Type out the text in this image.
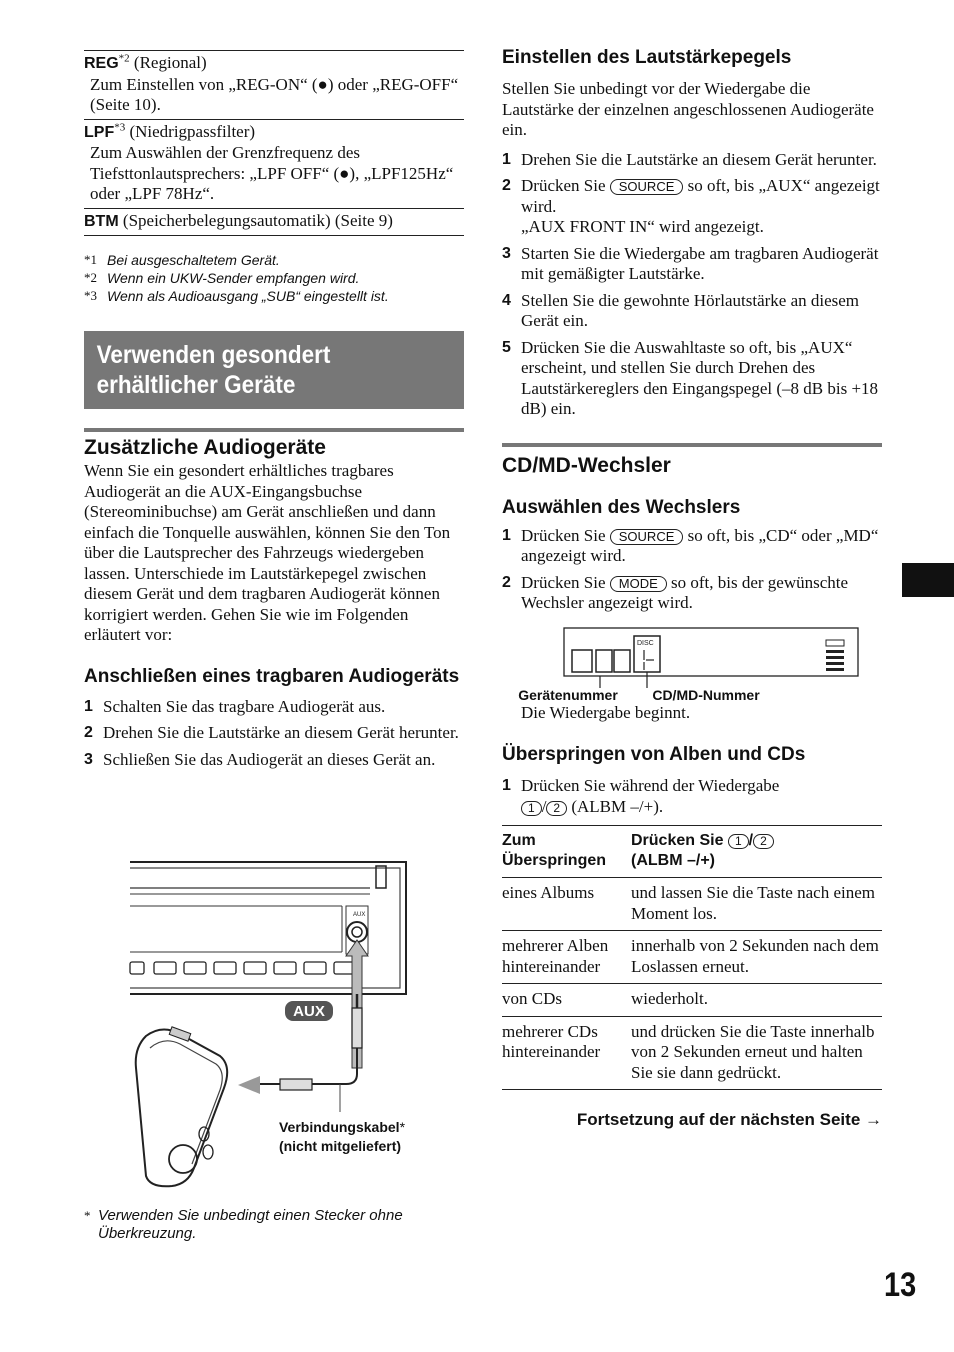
REG$^{*2}$ (Regional)
Zum Einstellen von „REG-ON“ (●) oder „REG-OFF“ (Seite 10).
LPF$^{*3}$ (Niedrigpassfilter)
Zum Auswählen der Grenzfrequenz des Tiefsttonlautsprechers: „LPF OFF“ (●), „LPF125Hz“ oder „LPF 78Hz“.
BTM (Speicherbelegungsautomatik) (Seite 9)
*1 Bei ausgeschaltetem Gerät.
*2 Wenn ein UKW-Sender empfangen wird.
*3 Wenn als Audioausgang „SUB“ eingestellt ist.
Verwenden gesondert
erhältlicher Geräte
Zusätzliche Audiogeräte

Wenn Sie ein gesondert erhältliches tragbares Audiogerät an die AUX-Eingangsbuchse (Stereominibuchse) am Gerät anschließen und dann einfach die Tonquelle auswählen, können Sie den Ton über die Lautsprecher des Fahrzeugs wiedergeben lassen. Unterschiede im Lautstärkepegel zwischen diesem Gerät und dem tragbaren Audiogerät können korrigiert werden. Gehen Sie wie im Folgenden erläutert vor:

Anschließen eines tragbaren Audiogeräts
1 Schalten Sie das tragbare Audiogerät aus.
2 Drehen Sie die Lautstärke an diesem Gerät herunter.
3 Schließen Sie das Audiogerät an dieses Gerät an.
AUX
AUX
Verbindungskabel*
(nicht mitgeliefert)
* Verwenden Sie unbedingt einen Stecker ohne Überkreuzung.
Einstellen des Lautstärkepegels

Stellen Sie unbedingt vor der Wiedergabe die Lautstärke der einzelnen angeschlossenen Audiogeräte ein.

1 Drehen Sie die Lautstärke an diesem Gerät herunter.
2 Drücken Sie SOURCE so oft, bis „AUX“ angezeigt wird.
„AUX FRONT IN“ wird angezeigt.
3 Starten Sie die Wiedergabe am tragbaren Audiogerät mit gemäßigter Lautstärke.
4 Stellen Sie die gewohnte Hörlautstärke an diesem Gerät ein.
5 Drücken Sie die Auswahltaste so oft, bis „AUX“ erscheint, und stellen Sie durch Drehen des Lautstärkereglers den Eingangspegel (–8 dB bis +18 dB) ein.
CD/MD-Wechsler
Auswählen des Wechslers
1 Drücken Sie SOURCE so oft, bis „CD“ oder „MD“ angezeigt wird.
2 Drücken Sie MODE so oft, bis der gewünschte Wechsler angezeigt wird.
DISC
Gerätenummer CD/MD-Nummer

Die Wiedergabe beginnt.

Überspringen von Alben und CDs
1 Drücken Sie während der Wiedergabe
1 / 2 (ALBM –/+).
Zum Überspringen	Drücken Sie 1 / 2
(ALBM –/+)
eines Albums	und lassen Sie die Taste nach einem Moment los.
mehrerer Alben hintereinander	innerhalb von 2 Sekunden nach dem Loslassen erneut.
von CDs	wiederholt.
mehrerer CDs hintereinander	und drücken Sie die Taste innerhalb von 2 Sekunden erneut und halten Sie sie dann gedrückt.
Fortsetzung auf der nächsten Seite →
13
